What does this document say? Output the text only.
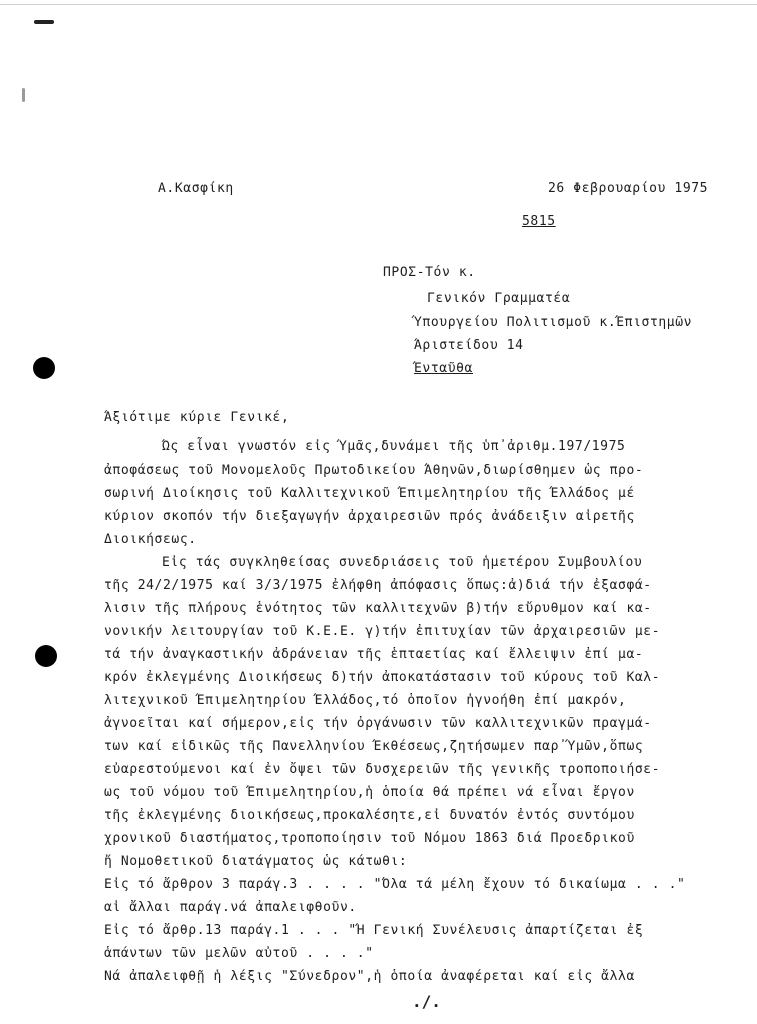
Α.Κασφίκη	26 Φεβρουαρίου 1975
5815
ΠΡΟΣ-Τόν κ.
Γενικόν Γραμματέα
Ύπουργείου Πολιτισμοῦ κ.Έπιστημῶν
Άριστείδου 14
Ένταῦθα
Άξιότιμε κύριε Γενικέ,
Ώς εἶναι γνωστόν εἰς Ύμᾶς,δυνάμει τῆς ὑπ᾽ἀριθμ.197/1975
ἀποφάσεως τοῦ Μονομελοῦς Πρωτοδικείου Άθηνῶν,διωρίσθημεν ὡς προ-
σωρινή Διοίκησις τοῦ Καλλιτεχνικοῦ Έπιμελητηρίου τῆς Έλλάδος μέ
κύριον σκοπόν τήν διεξαγωγήν ἀρχαιρεσιῶν πρός ἀνάδειξιν αἱρετῆς
Διοικήσεως.
Εἰς τάς συγκληθείσας συνεδριάσεις τοῦ ἡμετέρου Συμβουλίου
τῆς 24/2/1975 καί 3/3/1975 ἐλήφθη ἀπόφασις ὅπως:ἀ)διά τήν ἐξασφά-
λισιν τῆς πλήρους ἑνότητος τῶν καλλιτεχνῶν β)τήν εὔρυθμον καί κα-
νονικήν λειτουργίαν τοῦ Κ.Ε.Ε. γ)τήν ἐπιτυχίαν τῶν ἀρχαιρεσιῶν με-
τά τήν ἀναγκαστικήν ἀδράνειαν τῆς ἑπταετίας καί ἔλλειψιν ἐπί μα-
κρόν ἐκλεγμένης Διοικήσεως δ)τήν ἀποκατάστασιν τοῦ κύρους τοῦ Καλ-
λιτεχνικοῦ Έπιμελητηρίου Έλλάδος,τό ὁποῖον ἠγνοήθη ἐπί μακρόν,
ἀγνοεῖται καί σήμερον,εἰς τήν ὀργάνωσιν τῶν καλλιτεχνικῶν πραγμά-
των καί εἰδικῶς τῆς Πανελληνίου Έκθέσεως,ζητήσωμεν παρ᾽Ύμῶν,ὅπως
εὐαρεστούμενοι καί ἐν ὄψει τῶν δυσχερειῶν τῆς γενικῆς τροποποιήσε-
ως τοῦ νόμου τοῦ Έπιμελητηρίου,ἡ ὁποία θά πρέπει νά εἶναι ἔργον
τῆς ἐκλεγμένης διοικήσεως,προκαλέσητε,εἰ δυνατόν ἐντός συντόμου
χρονικοῦ διαστήματος,τροποποίησιν τοῦ Νόμου 1863 διά Προεδρικοῦ
ἤ Νομοθετικοῦ διατάγματος ὡς κάτωθι:
Εἰς τό ἄρθρον 3 παράγ.3 . . . . "Όλα τά μέλη ἔχουν τό δικαίωμα . . ."
αἱ ἄλλαι παράγ.νά ἀπαλειφθοῦν.
Εἰς τό ἄρθρ.13 παράγ.1 . . . "Ή Γενική Συνέλευσις ἀπαρτίζεται ἐξ
ἁπάντων τῶν μελῶν αὐτοῦ . . . ."
Νά ἀπαλειφθῇ ἡ λέξις "Σύνεδρον",ἡ ὁποία ἀναφέρεται καί εἰς ἄλλα
./.
